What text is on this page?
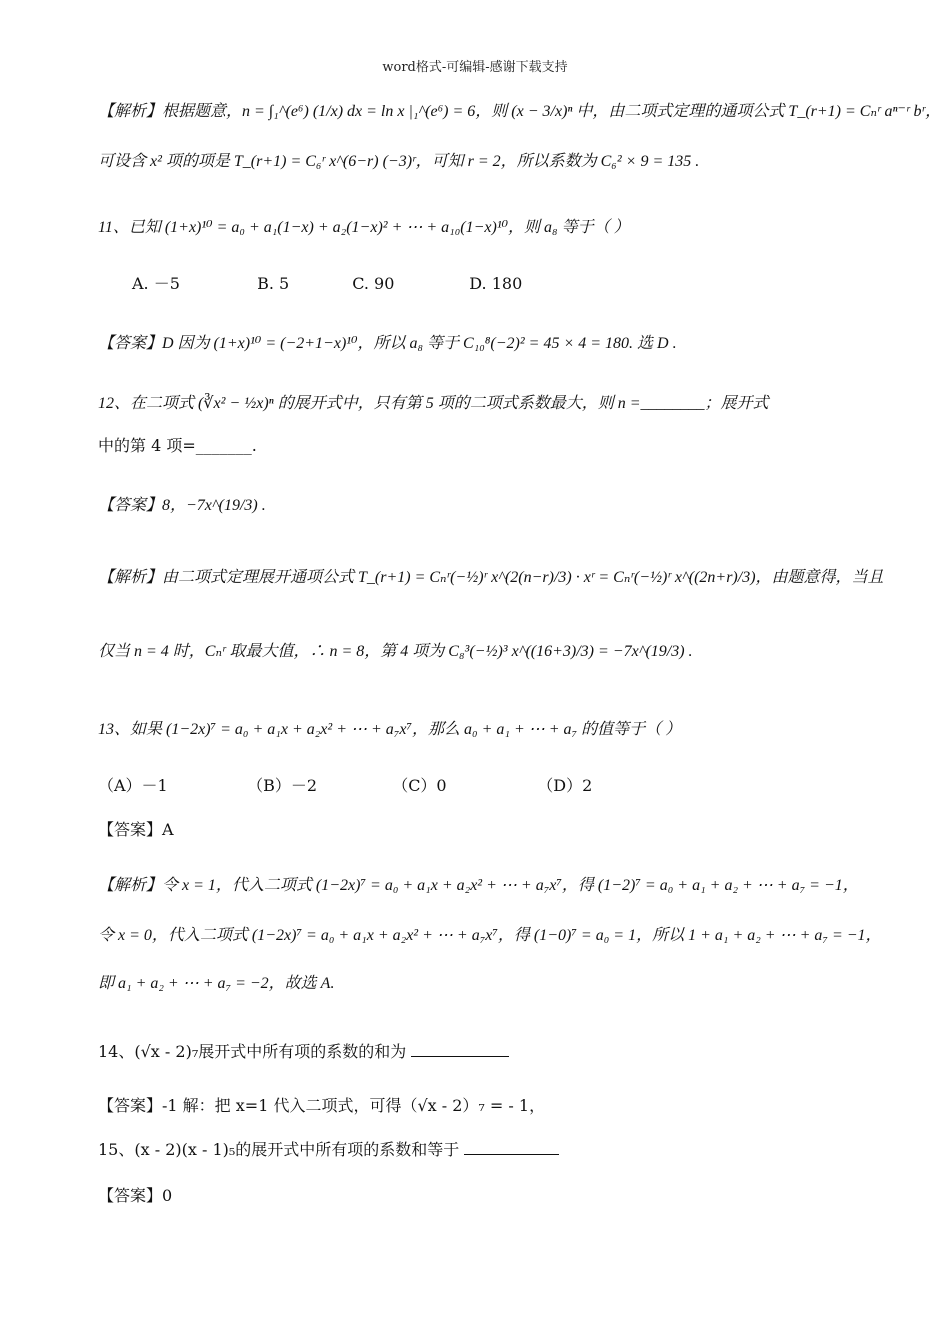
word格式-可编辑-感谢下载支持
【解析】根据题意，n = ∫₁^(e⁶) (1/x) dx = ln x |₁^(e⁶) = 6，则 (x − 3/x)ⁿ 中，由二项式定理的通项公式 T_(r+1) = Cₙʳ aⁿ⁻ʳ bʳ，
可设含 x² 项的项是 T_(r+1) = C₆ʳ x^(6−r) (−3)ʳ，可知 r = 2，所以系数为 C₆² × 9 = 135 .
11、已知 (1+x)¹⁰ = a₀ + a₁(1−x) + a₂(1−x)² + ⋯ + a₁₀(1−x)¹⁰，则 a₈ 等于（ ）
A. －5	B. 5	C. 90	D. 180
【答案】D 因为 (1+x)¹⁰ = (−2+1−x)¹⁰，所以 a₈ 等于 C₁₀⁸(−2)² = 45 × 4 = 180. 选 D .
12、在二项式 (∛x² − ½x)ⁿ 的展开式中，只有第 5 项的二项式系数最大，则 n =________；展开式
中的第 4 项=_______.
【答案】8，−7x^(19/3) .
【解析】由二项式定理展开通项公式 T_(r+1) = Cₙʳ(−½)ʳ x^(2(n−r)/3) · xʳ = Cₙʳ(−½)ʳ x^((2n+r)/3)，由题意得，当且
仅当 n = 4 时，Cₙʳ 取最大值，∴ n = 8，第 4 项为 C₈³(−½)³ x^((16+3)/3) = −7x^(19/3) .
13、如果 (1−2x)⁷ = a₀ + a₁x + a₂x² + ⋯ + a₇x⁷，那么 a₀ + a₁ + ⋯ + a₇ 的值等于（ ）
（A）－1	（B）－2	（C）0	（D）2
【答案】A
【解析】令 x = 1，代入二项式 (1−2x)⁷ = a₀ + a₁x + a₂x² + ⋯ + a₇x⁷，得 (1−2)⁷ = a₀ + a₁ + a₂ + ⋯ + a₇ = −1，
令 x = 0，代入二项式 (1−2x)⁷ = a₀ + a₁x + a₂x² + ⋯ + a₇x⁷，得 (1−0)⁷ = a₀ = 1，所以 1 + a₁ + a₂ + ⋯ + a₇ = −1，
即 a₁ + a₂ + ⋯ + a₇ = −2，故选 A.
14、(√x - 2)₇展开式中所有项的系数的和为
【答案】-1 解：把 x=1 代入二项式，可得（√x - 2）₇ = - 1，
15、(x - 2)(x - 1)₅的展开式中所有项的系数和等于
【答案】0
